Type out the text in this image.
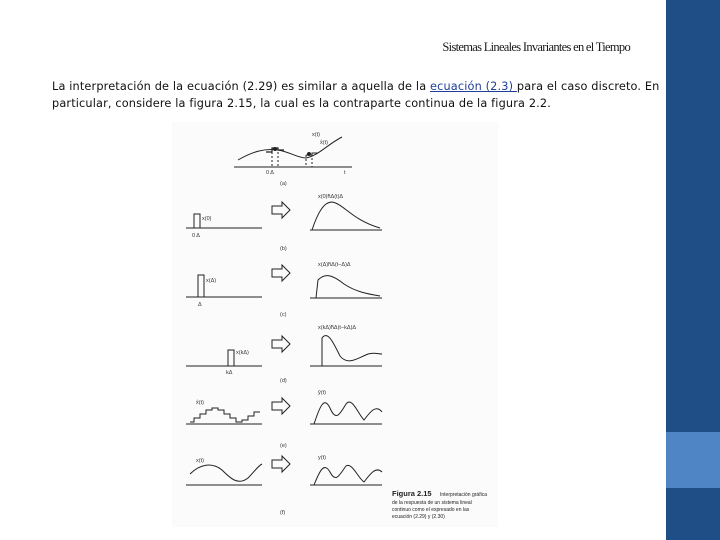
Sistemas Lineales Invariantes en el Tiempo
La interpretación de la ecuación (2.29) es similar a aquella de la ecuación (2.3) para el caso discreto. En particular, considere la figura 2.15, la cual es la contraparte continua de la figura 2.2.
(a)
(b)
(c)
(d)
(e)
(f)
x(t)
x̂(t)
0 Δ	t
x(0)
x(Δ)
x(kΔ)
x̂(t)
x(t)
x(0)h̃Δ(t)Δ
x(Δ)h̃Δ(t−Δ)Δ
x(kΔ)h̃Δ(t−kΔ)Δ
ŷ(t)
y(t)
0 Δ
Δ
kΔ
Figura 2.15 Interpretación gráfica
de la respuesta de un sistema lineal
continuo como el expresado en las
ecuación (2.29) y (2.30)
